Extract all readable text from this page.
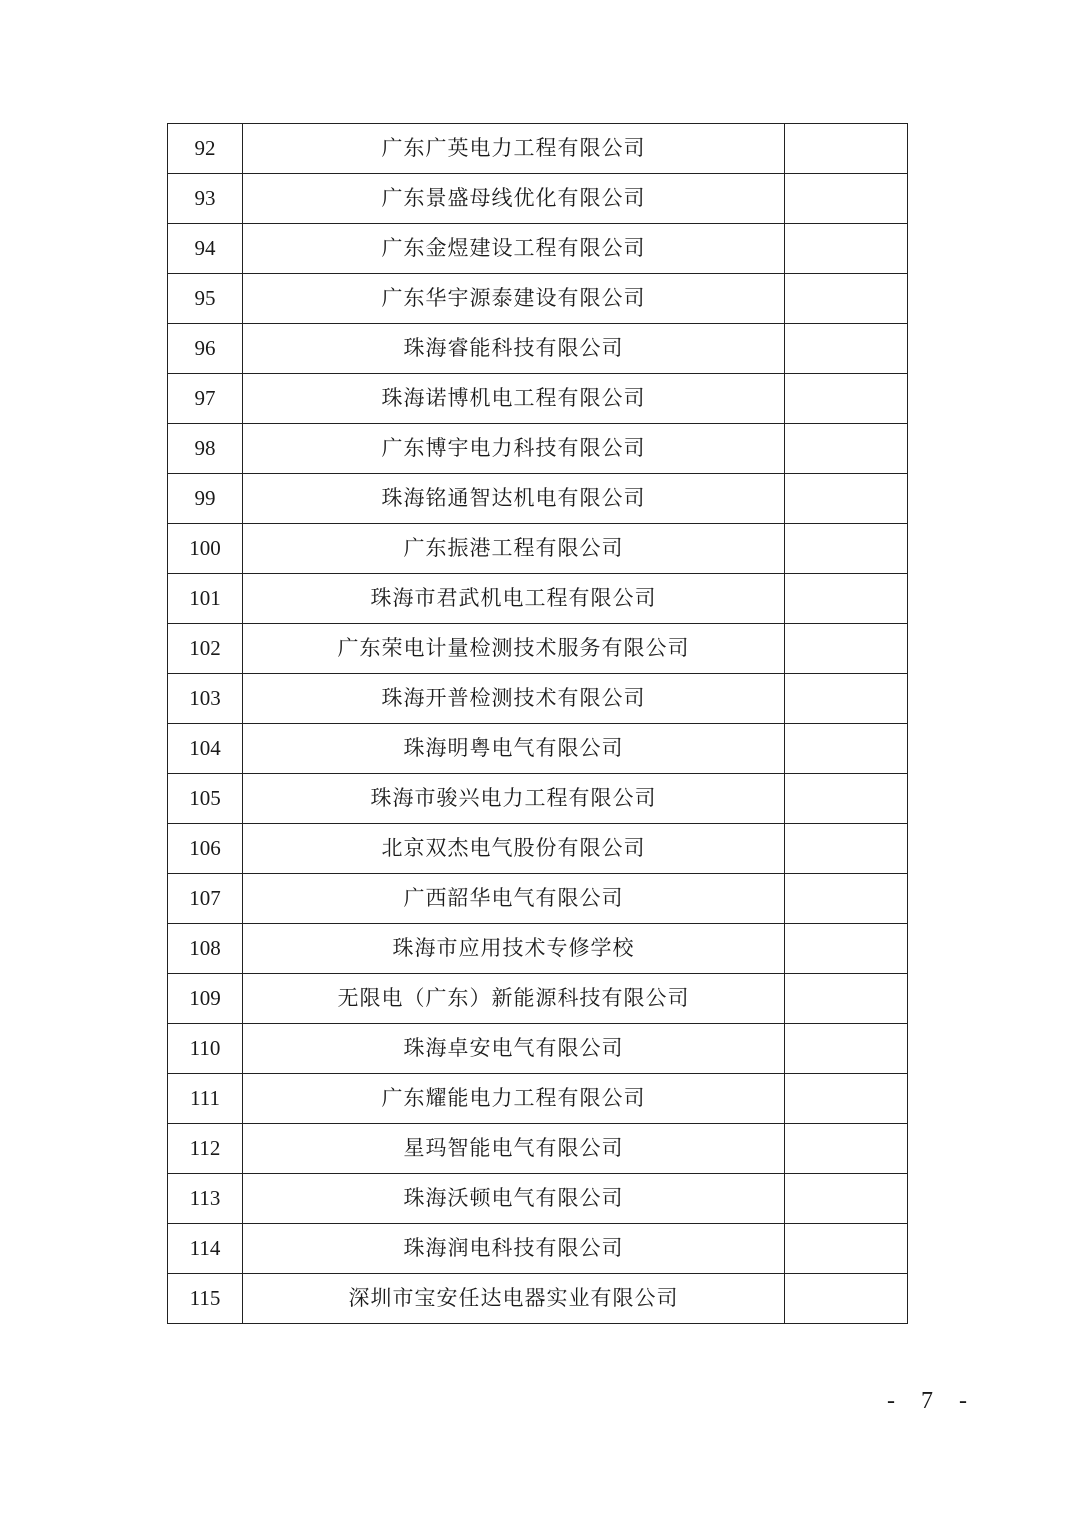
92	广东广英电力工程有限公司	
93	广东景盛母线优化有限公司	
94	广东金煜建设工程有限公司	
95	广东华宇源泰建设有限公司	
96	珠海睿能科技有限公司	
97	珠海诺博机电工程有限公司	
98	广东博宇电力科技有限公司	
99	珠海铭通智达机电有限公司	
100	广东振港工程有限公司	
101	珠海市君武机电工程有限公司	
102	广东荣电计量检测技术服务有限公司	
103	珠海开普检测技术有限公司	
104	珠海明粤电气有限公司	
105	珠海市骏兴电力工程有限公司	
106	北京双杰电气股份有限公司	
107	广西韶华电气有限公司	
108	珠海市应用技术专修学校	
109	无限电（广东）新能源科技有限公司	
110	珠海卓安电气有限公司	
111	广东耀能电力工程有限公司	
112	星玛智能电气有限公司	
113	珠海沃顿电气有限公司	
114	珠海润电科技有限公司	
115	深圳市宝安任达电器实业有限公司	
- 7 -
